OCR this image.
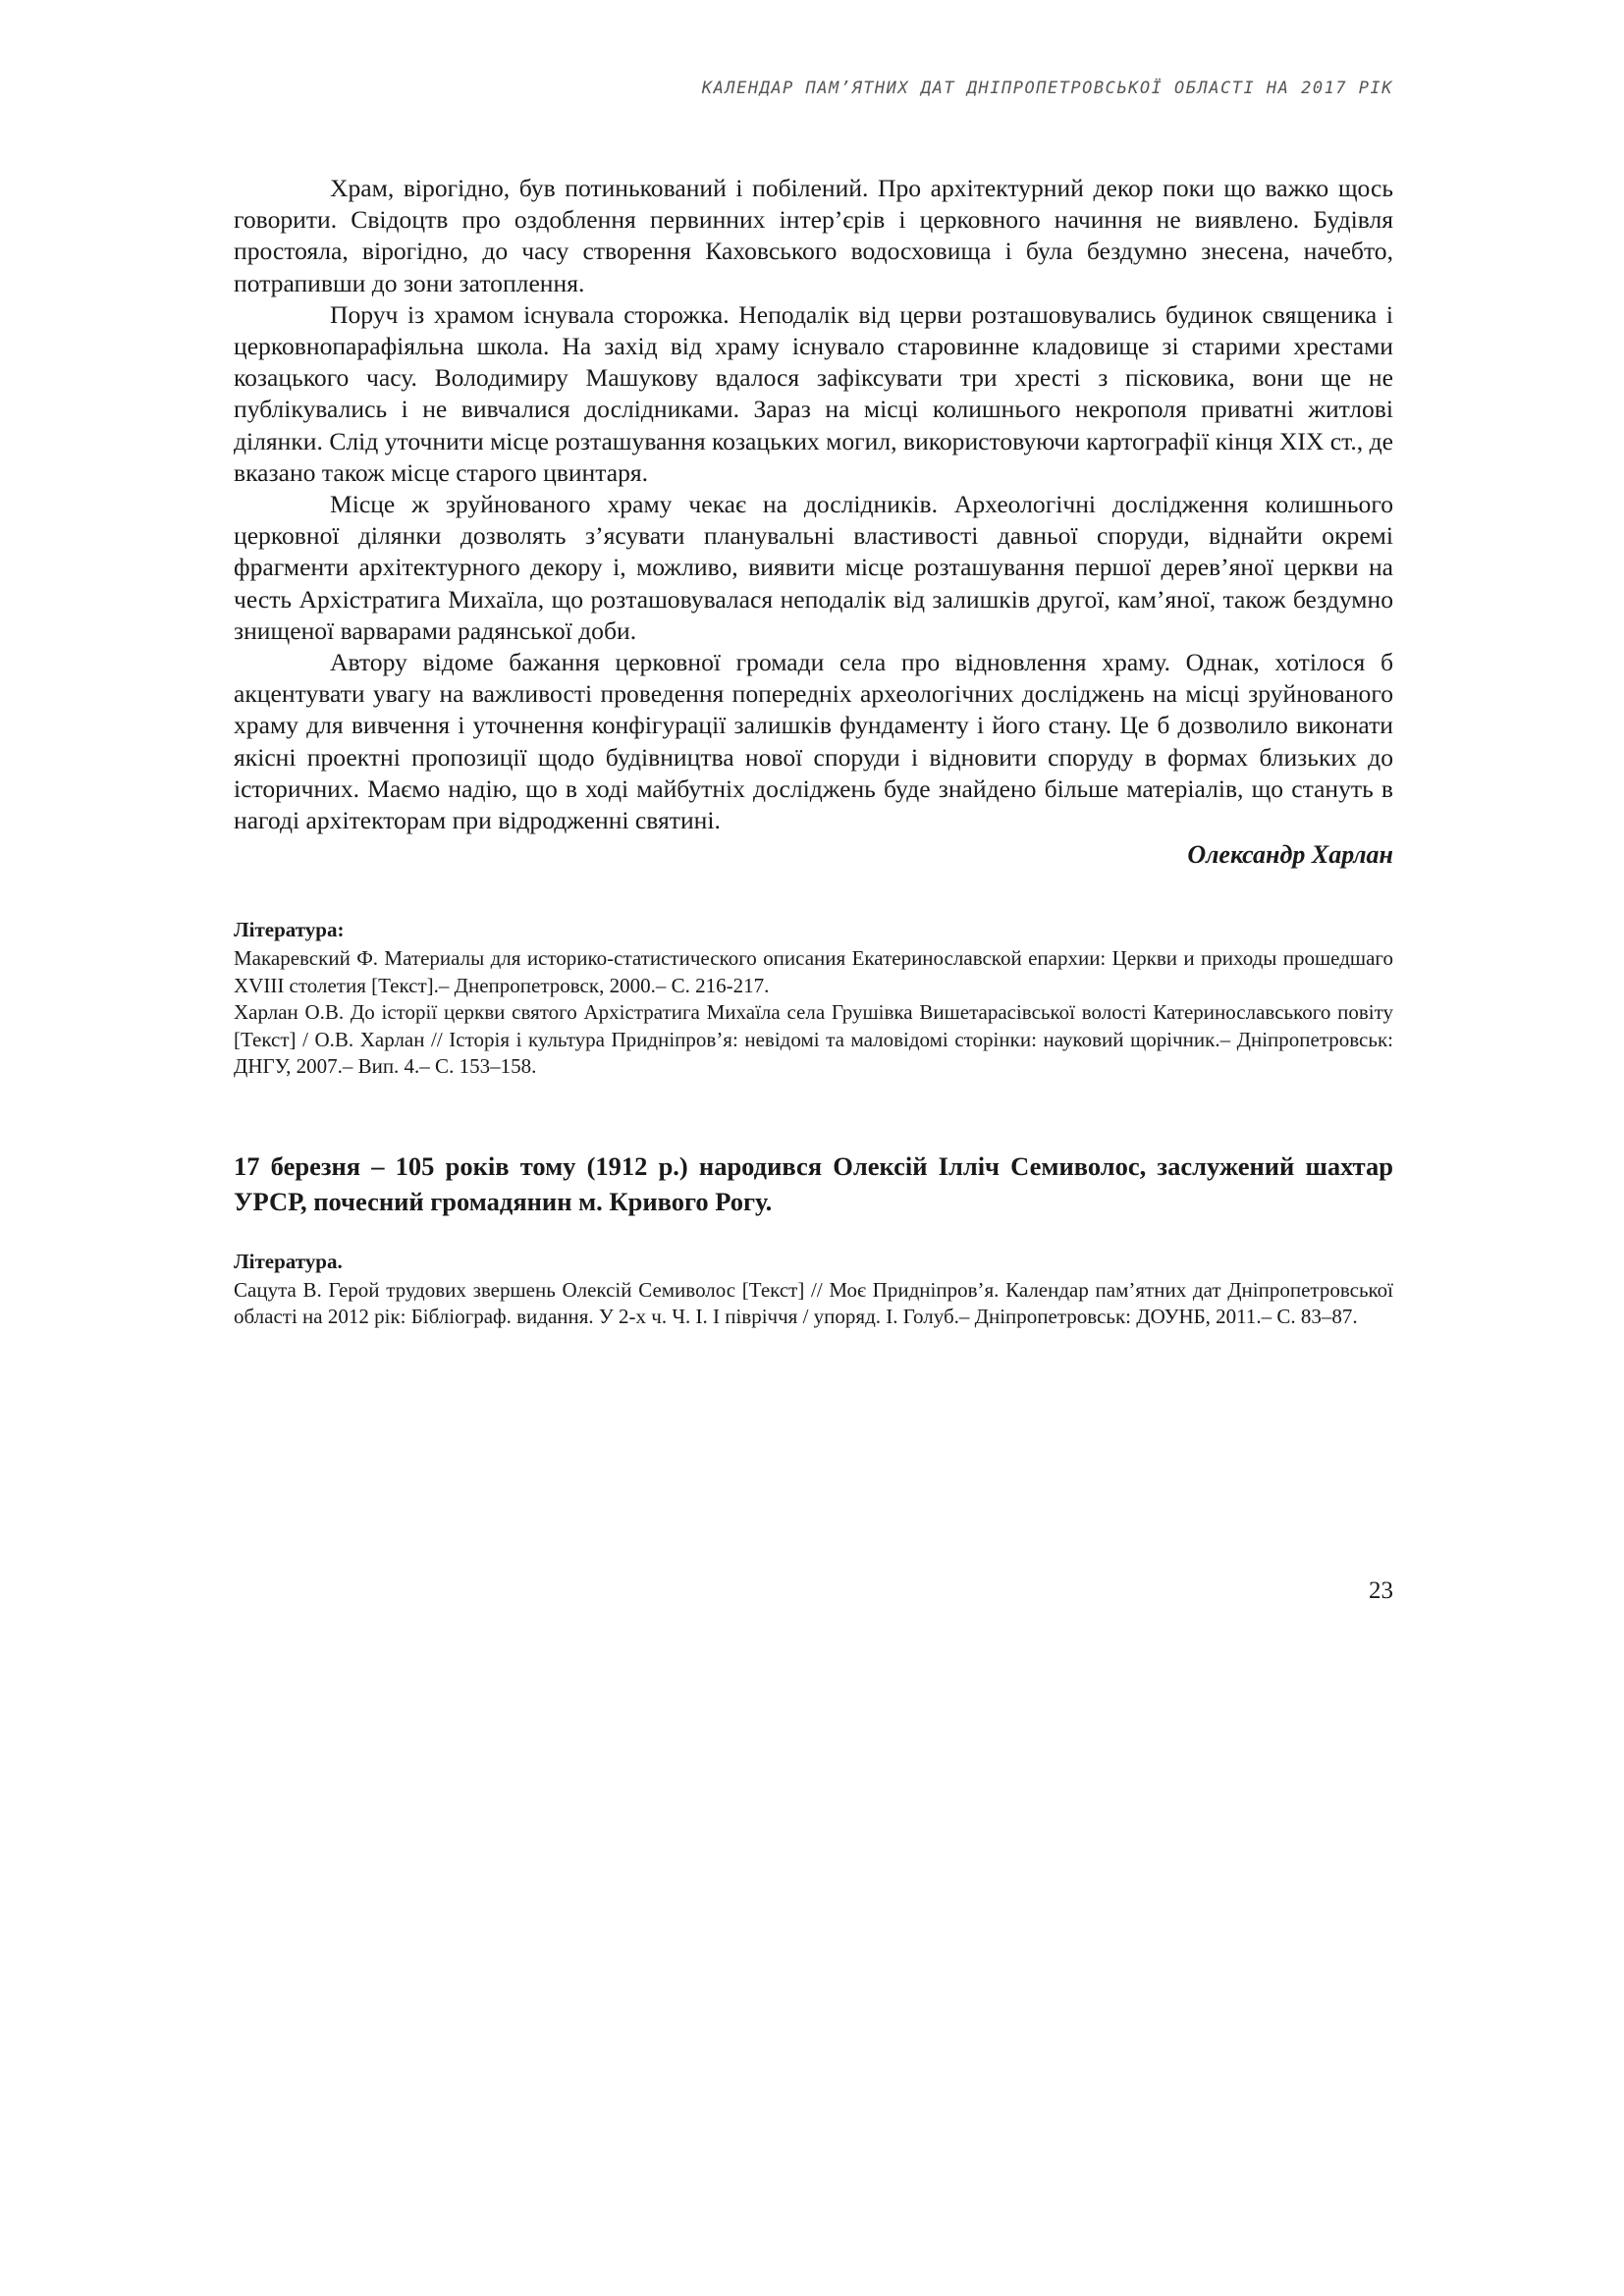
КАЛЕНДАР ПАМ’ЯТНИХ ДАТ ДНІПРОПЕТРОВСЬКОЇ ОБЛАСТІ НА 2017 РІК

Храм, вірогідно, був потинькований і побілений. Про архітектурний декор поки що важко щось говорити. Свідоцтв про оздоблення первинних інтер’єрів і церковного начиння не виявлено. Будівля простояла, вірогідно, до часу створення Каховського водосховища і була бездумно знесена, начебто, потрапивши до зони затоплення.

Поруч із храмом існувала сторожка. Неподалік від церви розташовувались будинок священика і церковнопарафіяльна школа. На захід від храму існувало старовинне кладовище зі старими хрестами козацького часу. Володимиру Машукову вдалося зафіксувати три хресті з пісковика, вони ще не публікувались і не вивчалися дослідниками. Зараз на місці колишнього некрополя приватні житлові ділянки. Слід уточнити місце розташування козацьких могил, використовуючи картографії кінця XIX ст., де вказано також місце старого цвинтаря.

Місце ж зруйнованого храму чекає на дослідників. Археологічні дослідження колишнього церковної ділянки дозволять з’ясувати планувальні властивості давньої споруди, віднайти окремі фрагменти архітектурного декору і, можливо, виявити місце розташування першої дерев’яної церкви на честь Архістратига Михаїла, що розташовувалася неподалік від залишків другої, кам’яної, також бездумно знищеної варварами радянської доби.

Автору відоме бажання церковної громади села про відновлення храму. Однак, хотілося б акцентувати увагу на важливості проведення попередніх археологічних досліджень на місці зруйнованого храму для вивчення і уточнення конфігурації залишків фундаменту і його стану. Це б дозволило виконати якісні проектні пропозиції щодо будівництва нової споруди і відновити споруду в формах близьких до історичних. Маємо надію, що в ході майбутніх досліджень буде знайдено більше матеріалів, що стануть в нагоді архітекторам при відродженні святині.

Олександр Харлан

Література:

Макаревский Ф. Материалы для историко-статистического описания Екатеринославской епархии: Церкви и приходы прошедшаго XVIII столетия [Текст].– Днепропетровск, 2000.– С. 216-217.

Харлан О.В. До історії церкви святого Архістратига Михаїла села Грушівка Вишетарасівської волості Катеринославського повіту [Текст] / О.В. Харлан // Історія і культура Придніпров’я: невідомі та маловідомі сторінки: науковий щорічник.– Дніпропетровськ: ДНГУ, 2007.– Вип. 4.– С. 153–158.

17 березня – 105 років тому (1912 р.) народився Олексій Ілліч Семиволос, заслужений шахтар УРСР, почесний громадянин м. Кривого Рогу.

Література.

Сацута В. Герой трудових звершень Олексій Семиволос [Текст] // Моє Придніпров’я. Календар пам’ятних дат Дніпропетровської області на 2012 рік: Бібліограф. видання. У 2-х ч. Ч. І. І півріччя / упоряд. І. Голуб.– Дніпропетровськ: ДОУНБ, 2011.– С. 83–87.

23
